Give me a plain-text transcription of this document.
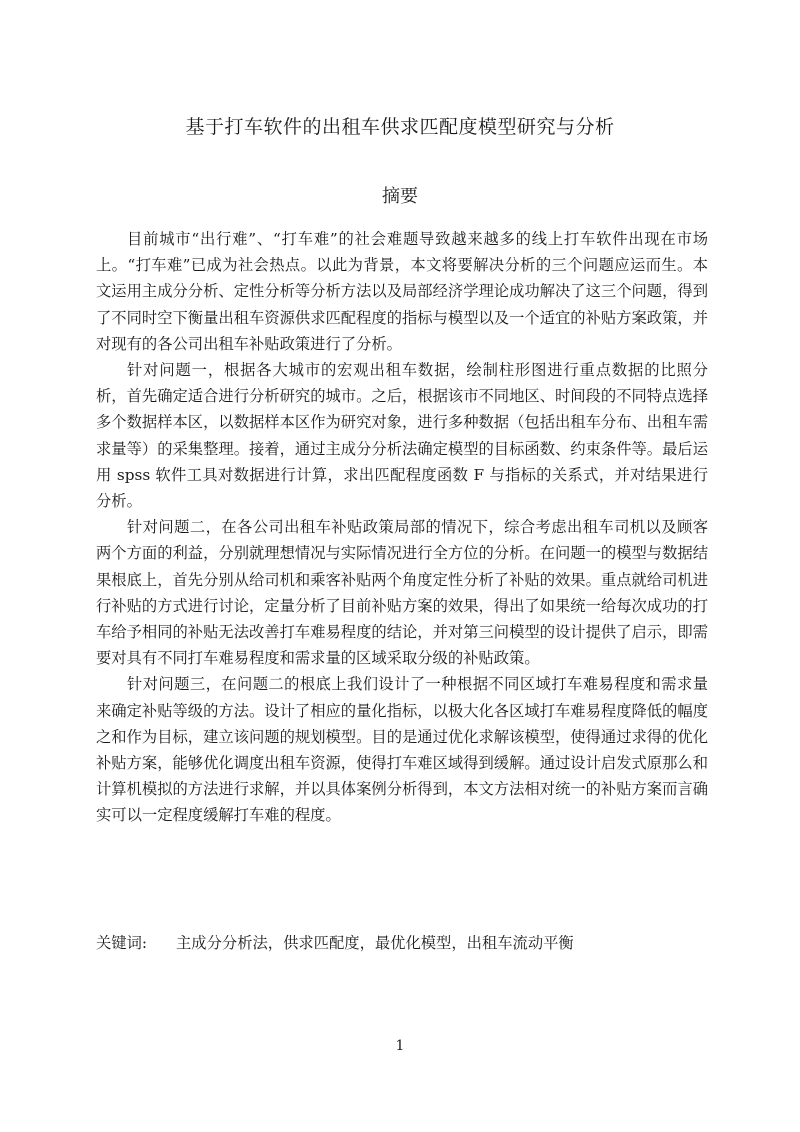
基于打车软件的出租车供求匹配度模型研究与分析
摘要

目前城市“出行难”、“打车难”的社会难题导致越来越多的线上打车软件出现在市场上。“打车难”已成为社会热点。以此为背景，本文将要解决分析的三个问题应运而生。本文运用主成分分析、定性分析等分析方法以及局部经济学理论成功解决了这三个问题，得到了不同时空下衡量出租车资源供求匹配程度的指标与模型以及一个适宜的补贴方案政策，并对现有的各公司出租车补贴政策进行了分析。

针对问题一，根据各大城市的宏观出租车数据，绘制柱形图进行重点数据的比照分析，首先确定适合进行分析研究的城市。之后，根据该市不同地区、时间段的不同特点选择多个数据样本区，以数据样本区作为研究对象，进行多种数据（包括出租车分布、出租车需求量等）的采集整理。接着，通过主成分分析法确定模型的目标函数、约束条件等。最后运用 spss 软件工具对数据进行计算，求出匹配程度函数 F 与指标的关系式，并对结果进行分析。

针对问题二，在各公司出租车补贴政策局部的情况下，综合考虑出租车司机以及顾客两个方面的利益，分别就理想情况与实际情况进行全方位的分析。在问题一的模型与数据结果根底上，首先分别从给司机和乘客补贴两个角度定性分析了补贴的效果。重点就给司机进行补贴的方式进行讨论，定量分析了目前补贴方案的效果，得出了如果统一给每次成功的打车给予相同的补贴无法改善打车难易程度的结论，并对第三问模型的设计提供了启示，即需要对具有不同打车难易程度和需求量的区域采取分级的补贴政策。

针对问题三，在问题二的根底上我们设计了一种根据不同区域打车难易程度和需求量来确定补贴等级的方法。设计了相应的量化指标，以极大化各区域打车难易程度降低的幅度之和作为目标，建立该问题的规划模型。目的是通过优化求解该模型，使得通过求得的优化补贴方案，能够优化调度出租车资源，使得打车难区域得到缓解。通过设计启发式原那么和计算机模拟的方法进行求解，并以具体案例分析得到，本文方法相对统一的补贴方案而言确实可以一定程度缓解打车难的程度。

关键词: 主成分分析法，供求匹配度，最优化模型，出租车流动平衡

1
